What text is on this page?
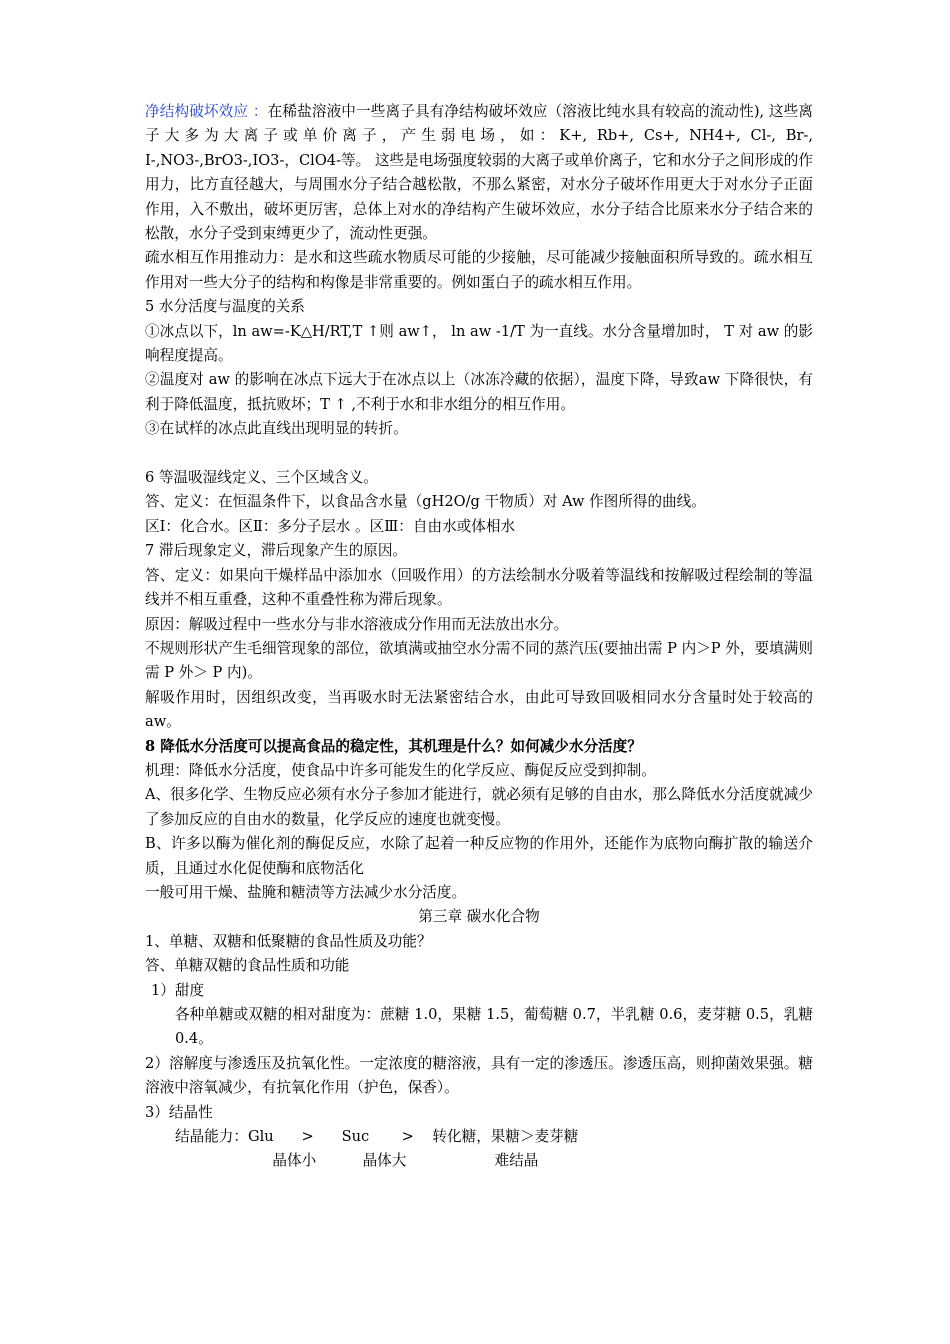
净结构破坏效应 ：在稀盐溶液中一些离子具有净结构破坏效应（溶液比纯水具有较高的流动性), 这些离子大多为大离子或单价离子，产生弱电场，如：K+, Rb+, Cs+, NH4+, Cl-, Br-, I-,NO3-,BrO3-,IO3-，ClO4-等。 这些是电场强度较弱的大离子或单价离子，它和水分子之间形成的作用力，比方直径越大，与周围水分子结合越松散，不那么紧密，对水分子破坏作用更大于对水分子正面作用，入不敷出，破坏更厉害，总体上对水的净结构产生破坏效应，水分子结合比原来水分子结合来的松散，水分子受到束缚更少了，流动性更强。

疏水相互作用推动力：是水和这些疏水物质尽可能的少接触，尽可能减少接触面积所导致的。疏水相互作用对一些大分子的结构和构像是非常重要的。例如蛋白子的疏水相互作用。

5 水分活度与温度的关系

①冰点以下，ln aw=-K△H/RT,T ↑则 aw↑， ln aw -1/T 为一直线。水分含量增加时， T 对 aw 的影响程度提高。

②温度对 aw 的影响在冰点下远大于在冰点以上（冰冻冷藏的依据），温度下降，导致aw 下降很快，有利于降低温度，抵抗败坏；T ↑ ,不利于水和非水组分的相互作用。

③在试样的冰点此直线出现明显的转折。

6 等温吸湿线定义、三个区域含义。

答、定义：在恒温条件下，以食品含水量（gH2O/g 干物质）对 Aw 作图所得的曲线。

区Ⅰ：化合水。区Ⅱ：多分子层水 。区Ⅲ：自由水或体相水

7 滞后现象定义，滞后现象产生的原因。

答、定义：如果向干燥样品中添加水（回吸作用）的方法绘制水分吸着等温线和按解吸过程绘制的等温线并不相互重叠，这种不重叠性称为滞后现象。

原因：解吸过程中一些水分与非水溶液成分作用而无法放出水分。

不规则形状产生毛细管现象的部位，欲填满或抽空水分需不同的蒸汽压(要抽出需 P 内＞P 外，要填满则需 P 外＞ P 内)。

解吸作用时，因组织改变，当再吸水时无法紧密结合水，由此可导致回吸相同水分含量时处于较高的 aw。

8 降低水分活度可以提高食品的稳定性，其机理是什么？如何减少水分活度？

机理：降低水分活度，使食品中许多可能发生的化学反应、酶促反应受到抑制。

A、很多化学、生物反应必须有水分子参加才能进行，就必须有足够的自由水，那么降低水分活度就减少了参加反应的自由水的数量，化学反应的速度也就变慢。

B、许多以酶为催化剂的酶促反应，水除了起着一种反应物的作用外，还能作为底物向酶扩散的输送介质，且通过水化促使酶和底物活化

一般可用干燥、盐腌和糖渍等方法减少水分活度。

第三章 碳水化合物

1、单糖、双糖和低聚糖的食品性质及功能？

答、单糖双糖的食品性质和功能

1）甜度

各种单糖或双糖的相对甜度为：蔗糖 1.0，果糖 1.5，葡萄糖 0.7，半乳糖 0.6，麦芽糖 0.5，乳糖 0.4。

2）溶解度与渗透压及抗氧化性。一定浓度的糖溶液，具有一定的渗透压。渗透压高，则抑菌效果强。糖溶液中溶氧减少，有抗氧化作用（护色，保香）。

3）结晶性

结晶能力：Glu      >      Suc       >    转化糖，果糖＞麦芽糖

晶体小          晶体大                   难结晶
